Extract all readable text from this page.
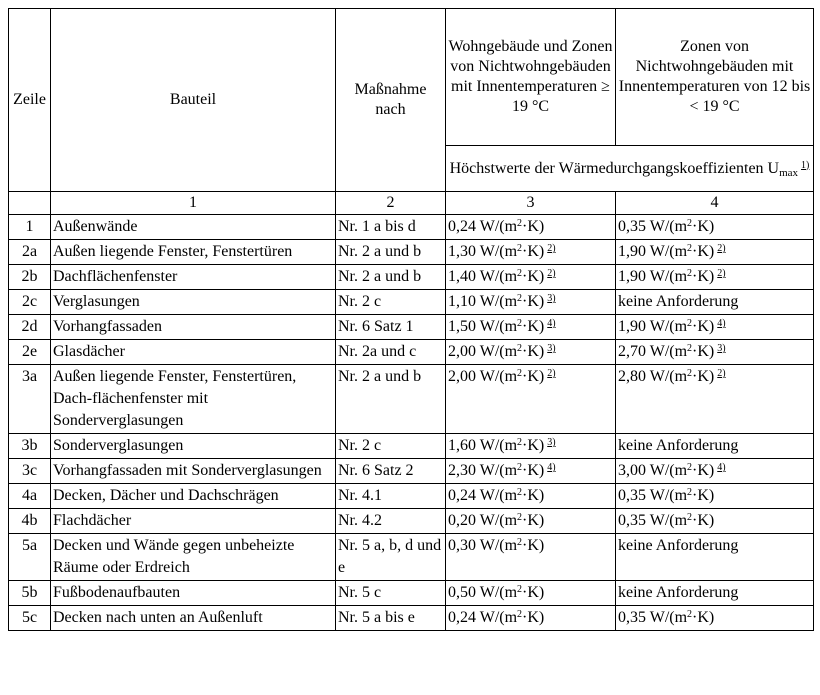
Zeile	Bauteil	Maßnahme nach	Wohngebäude und Zonen von Nichtwohngebäuden mit Innentemperaturen ≥ 19 °C	Zonen von Nichtwohngebäuden mit Innentemperaturen von 12 bis < 19 °C
			Höchstwerte der Wärmedurchgangskoeffizienten $U_{max}^{1)}$
	1	2	3	4
1	Außenwände	Nr. 1 a bis d	0,24 $W/(m^2\cdot K)$	0,35 $W/(m^2\cdot K)$
2a	Außen liegende Fenster, Fenstertüren	Nr. 2 a und b	1,30 $W/(m^2\cdot K)$ $^{2)}$	1,90 $W/(m^2\cdot K)$ $^{2)}$
2b	Dachflächenfenster	Nr. 2 a und b	1,40 $W/(m^2\cdot K)$ $^{2)}$	1,90 $W/(m^2\cdot K)$ $^{2)}$
2c	Verglasungen	Nr. 2 c	1,10 $W/(m^2\cdot K)$ $^{3)}$	keine Anforderung
2d	Vorhangfassaden	Nr. 6 Satz 1	1,50 $W/(m^2\cdot K)$ $^{4)}$	1,90 $W/(m^2\cdot K)$ $^{4)}$
2e	Glasdächer	Nr. 2a und c	2,00 $W/(m^2\cdot K)$ $^{3)}$	2,70 $W/(m^2\cdot K)$ $^{3)}$
3a	Außen liegende Fenster, Fenstertüren, Dach-flächenfenster mit Sonderverglasungen	Nr. 2 a und b	2,00 $W/(m^2\cdot K)$ $^{2)}$	2,80 $W/(m^2\cdot K)$ $^{2)}$
3b	Sonderverglasungen	Nr. 2 c	1,60 $W/(m^2\cdot K)$ $^{3)}$	keine Anforderung
3c	Vorhangfassaden mit Sonderverglasungen	Nr. 6 Satz 2	2,30 $W/(m^2\cdot K)$ $^{4)}$	3,00 $W/(m^2\cdot K)$ $^{4)}$
4a	Decken, Dächer und Dachschrägen	Nr. 4.1	0,24 $W/(m^2\cdot K)$	0,35 $W/(m^2\cdot K)$
4b	Flachdächer	Nr. 4.2	0,20 $W/(m^2\cdot K)$	0,35 $W/(m^2\cdot K)$
5a	Decken und Wände gegen unbeheizte Räume oder Erdreich	Nr. 5 a, b, d und e	0,30 $W/(m^2\cdot K)$	keine Anforderung
5b	Fußbodenaufbauten	Nr. 5 c	0,50 $W/(m^2\cdot K)$	keine Anforderung
5c	Decken nach unten an Außenluft	Nr. 5 a bis e	0,24 $W/(m^2\cdot K)$	0,35 $W/(m^2\cdot K)$
